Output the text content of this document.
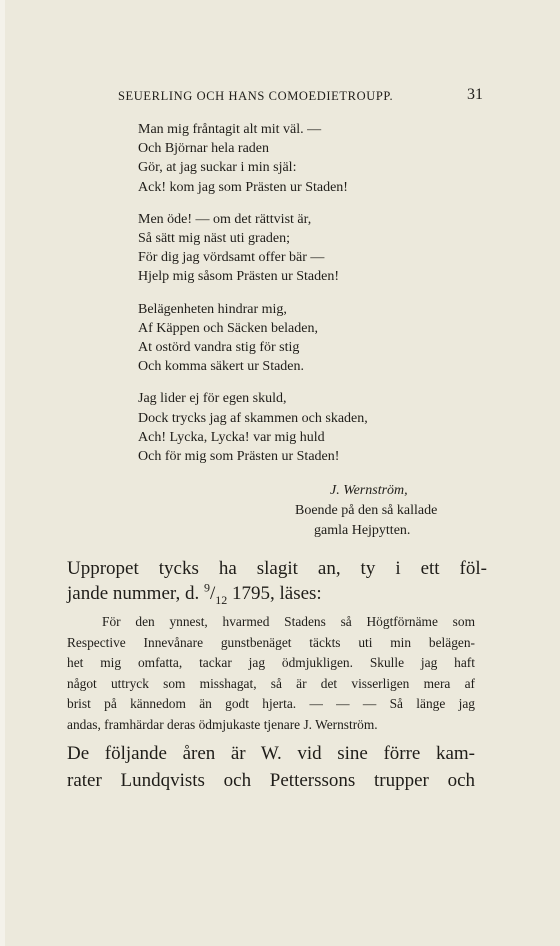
SEUERLING OCH HANS COMOEDIETROUPP.	31
Man mig fråntagit alt mit väl. —
Och Björnar hela raden
Gör, at jag suckar i min själ:
Ack! kom jag som Prästen ur Staden!
Men öde! — om det rättvist är,
Så sätt mig näst uti graden;
För dig jag vördsamt offer bär —
Hjelp mig såsom Prästen ur Staden!
Belägenheten hindrar mig,
Af Käppen och Säcken beladen,
At ostörd vandra stig för stig
Och komma säkert ur Staden.
Jag lider ej för egen skuld,
Dock trycks jag af skammen och skaden,
Ach! Lycka, Lycka! var mig huld
Och för mig som Prästen ur Staden!
J. Wernström,
Boende på den så kallade
gamla Hejpytten.
Uppropet tycks ha slagit an, ty i ett föl-
jande nummer, d. $^9/_{12}$ 1795, läses:
För den ynnest, hvarmed Stadens så Högtförnäme som
Respective Innevånare gunstbenäget täckts uti min belägen-
het mig omfatta, tackar jag ödmjukligen. Skulle jag haft
något uttryck som misshagat, så är det visserligen mera af
brist på kännedom än godt hjerta. — — — Så länge jag
andas, framhärdar deras ödmjukaste tjenare J. Wernström.
De följande åren är W. vid sine förre kam-
rater Lundqvists och Petterssons trupper och
